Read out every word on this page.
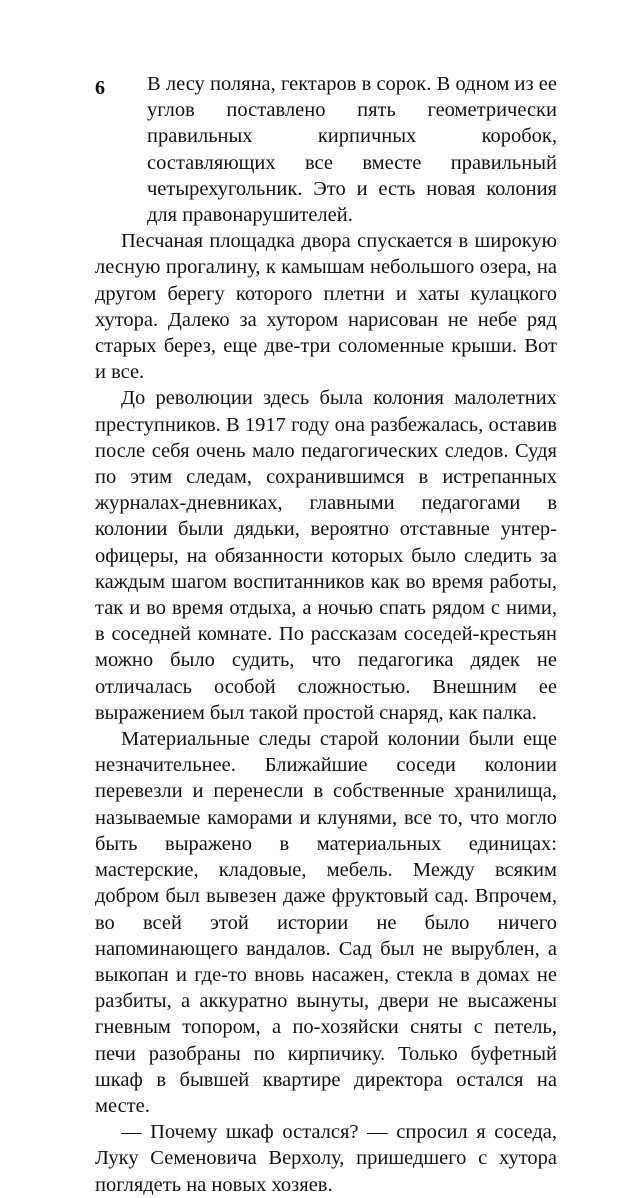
6	В лесу поляна, гектаров в сорок. В одном из ее углов поставлено пять геометрически правильных кирпичных коробок, составляющих все вместе правильный четырехугольник. Это и есть новая колония для правонарушителей.

Песчаная площадка двора спускается в широкую лесную прогалину, к камышам небольшого озера, на другом берегу которого плетни и хаты кулацкого хутора. Далеко за хутором нарисован не небе ряд старых берез, еще две-три соломенные крыши. Вот и все.

До революции здесь была колония малолетних преступников. В 1917 году она разбежалась, оставив после себя очень мало педагогических следов. Судя по этим следам, сохранившимся в истрепанных журналах-дневниках, главными педагогами в колонии были дядьки, вероятно отставные унтер-офицеры, на обязанности которых было следить за каждым шагом воспитанников как во время работы, так и во время отдыха, а ночью спать рядом с ними, в соседней комнате. По рассказам соседей-крестьян можно было судить, что педагогика дядек не отличалась особой сложностью. Внешним ее выражением был такой простой снаряд, как палка.

Материальные следы старой колонии были еще незначительнее. Ближайшие соседи колонии перевезли и перенесли в собственные хранилища, называемые каморами и клунями, все то, что могло быть выражено в материальных единицах: мастерские, кладовые, мебель. Между всяким добром был вывезен даже фруктовый сад. Впрочем, во всей этой истории не было ничего напоминающего вандалов. Сад был не вырублен, а выкопан и где-то вновь насажен, стекла в домах не разбиты, а аккуратно вынуты, двери не высажены гневным топором, а по-хозяйски сняты с петель, печи разобраны по кирпичику. Только буфетный шкаф в бывшей квартире директора остался на месте.

— Почему шкаф остался? — спросил я соседа, Луку Семеновича Верхолу, пришедшего с хутора поглядеть на новых хозяев.
